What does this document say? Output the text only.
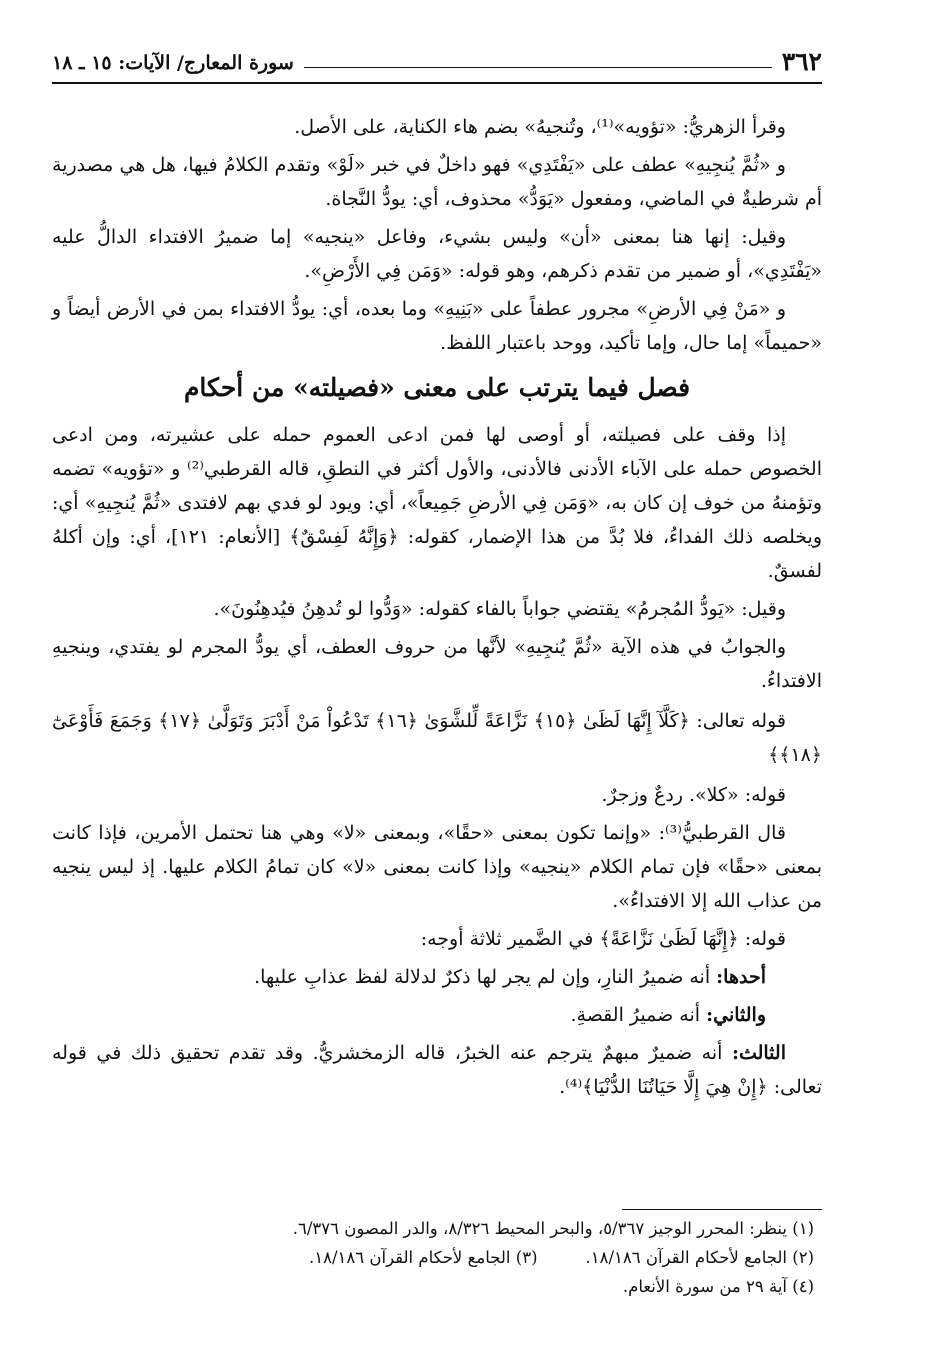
٣٦٢
سورة المعارج/ الآيات: ١٥ ـ ١٨

وقرأ الزهريُّ: «تؤويه»⁽¹⁾، وتُنجيهُ» بضم هاء الكناية، على الأصل.

و «ثُمَّ يُنجِيهِ» عطف على «يَفْتَدِي» فهو داخلٌ في خبر «لَوْ» وتقدم الكلامُ فيها، هل هي مصدرية أم شرطيةٌ في الماضي، ومفعول «يَوَدُّ» محذوف، أي: يودُّ النَّجاة.

وقيل: إنها هنا بمعنى «أن» وليس بشيء، وفاعل «ينجيه» إما ضميرُ الافتداء الدالُّ عليه «يَفْتَدِي»، أو ضمير من تقدم ذكرهم، وهو قوله: «وَمَن فِي الأَرْضِ».

و «مَنْ فِي الأرضِ» مجرور عطفاً على «بَنِيهِ» وما بعده، أي: يودُّ الافتداء بمن في الأرض أيضاً و «حميماً» إما حال، وإما تأكيد، ووحد باعتبار اللفظ.

فصل فيما يترتب على معنى «فصيلته» من أحكام

إذا وقف على فصيلته، أو أوصى لها فمن ادعى العموم حمله على عشيرته، ومن ادعى الخصوص حمله على الآباء الأدنى فالأدنى، والأول أكثر في النطقِ، قاله القرطبي⁽²⁾ و «تؤويه» تضمه وتؤمنهُ من خوف إن كان به، «وَمَن فِي الأرضِ جَمِيعاً»، أي: ويود لو فدي بهم لافتدى «ثُمَّ يُنجِيهِ» أي: ويخلصه ذلك الفداءُ، فلا بُدَّ من هذا الإضمار، كقوله: ﴿وَإِنَّهُ لَفِسْقٌ﴾ [الأنعام: ١٢١]، أي: وإن أكلهُ لفسقٌ.

وقيل: «يَودُّ المُجرمُ» يقتضي جواباً بالفاء كقوله: «وَدُّوا لو تُدهِنُ فيُدهِنُونَ».

والجوابُ في هذه الآية «ثُمَّ يُنجِيهِ» لأنَّها من حروف العطف، أي يودُّ المجرم لو يفتدي، وينجيهِ الافتداءُ.

قوله تعالى: ﴿كَلَّآ إِنَّهَا لَظَىٰ ﴿١٥﴾ نَزَّاعَةً لِّلشَّوَىٰ ﴿١٦﴾ تَدْعُواْ مَنْ أَدْبَرَ وَتَوَلَّىٰ ﴿١٧﴾ وَجَمَعَ فَأَوْعَىٰٓ ﴿١٨﴾﴾

قوله: «كلا». ردعٌ وزجرٌ.

قال القرطبيُّ⁽³⁾: «وإنما تكون بمعنى «حقًا»، وبمعنى «لا» وهي هنا تحتمل الأمرين، فإذا كانت بمعنى «حقًا» فإن تمام الكلام «ينجيه» وإذا كانت بمعنى «لا» كان تمامُ الكلام عليها. إذ ليس ينجيه من عذاب الله إلا الافتداءُ».

قوله: ﴿إِنَّهَا لَظَىٰ نَزَّاعَةً﴾ في الضَّمير ثلاثة أوجه:

أحدها: أنه ضميرُ النارِ، وإن لم يجر لها ذكرٌ لدلالة لفظ عذابِ عليها.

والثاني: أنه ضميرُ القصةِ.

الثالث: أنه ضميرٌ مبهمٌ يترجم عنه الخبرُ، قاله الزمخشريُّ. وقد تقدم تحقيق ذلك في قوله تعالى: ﴿إِنْ هِيَ إِلَّا حَيَاتُنَا الدُّنْيَا﴾⁽⁴⁾.

(١) ينظر: المحرر الوجيز ٥/٣٦٧، والبحر المحيط ٨/٣٢٦، والدر المصون ٦/٣٧٦.

(٢) الجامع لأحكام القرآن ١٨/١٨٦.
(٣) الجامع لأحكام القرآن ١٨/١٨٦.

(٤) آية ٢٩ من سورة الأنعام.
